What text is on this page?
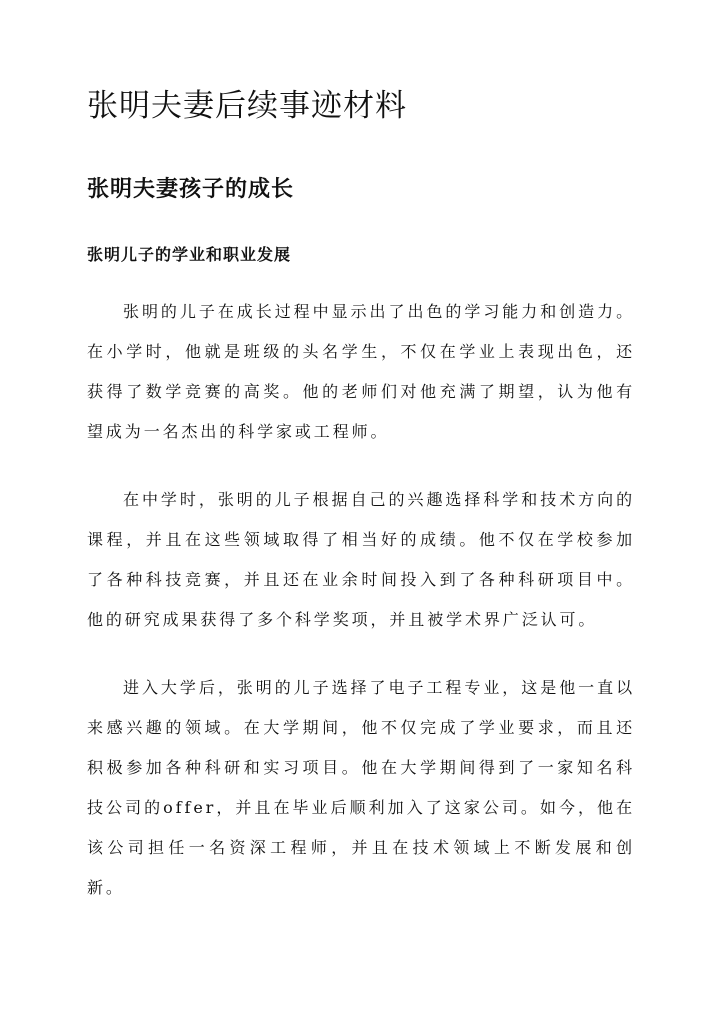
张明夫妻后续事迹材料
张明夫妻孩子的成长
张明儿子的学业和职业发展

张明的儿子在成长过程中显示出了出色的学习能力和创造力。在小学时，他就是班级的头名学生，不仅在学业上表现出色，还获得了数学竞赛的高奖。他的老师们对他充满了期望，认为他有望成为一名杰出的科学家或工程师。

在中学时，张明的儿子根据自己的兴趣选择科学和技术方向的课程，并且在这些领域取得了相当好的成绩。他不仅在学校参加了各种科技竞赛，并且还在业余时间投入到了各种科研项目中。他的研究成果获得了多个科学奖项，并且被学术界广泛认可。

进入大学后，张明的儿子选择了电子工程专业，这是他一直以来感兴趣的领域。在大学期间，他不仅完成了学业要求，而且还积极参加各种科研和实习项目。他在大学期间得到了一家知名科技公司的offer，并且在毕业后顺利加入了这家公司。如今，他在该公司担任一名资深工程师，并且在技术领域上不断发展和创新。
